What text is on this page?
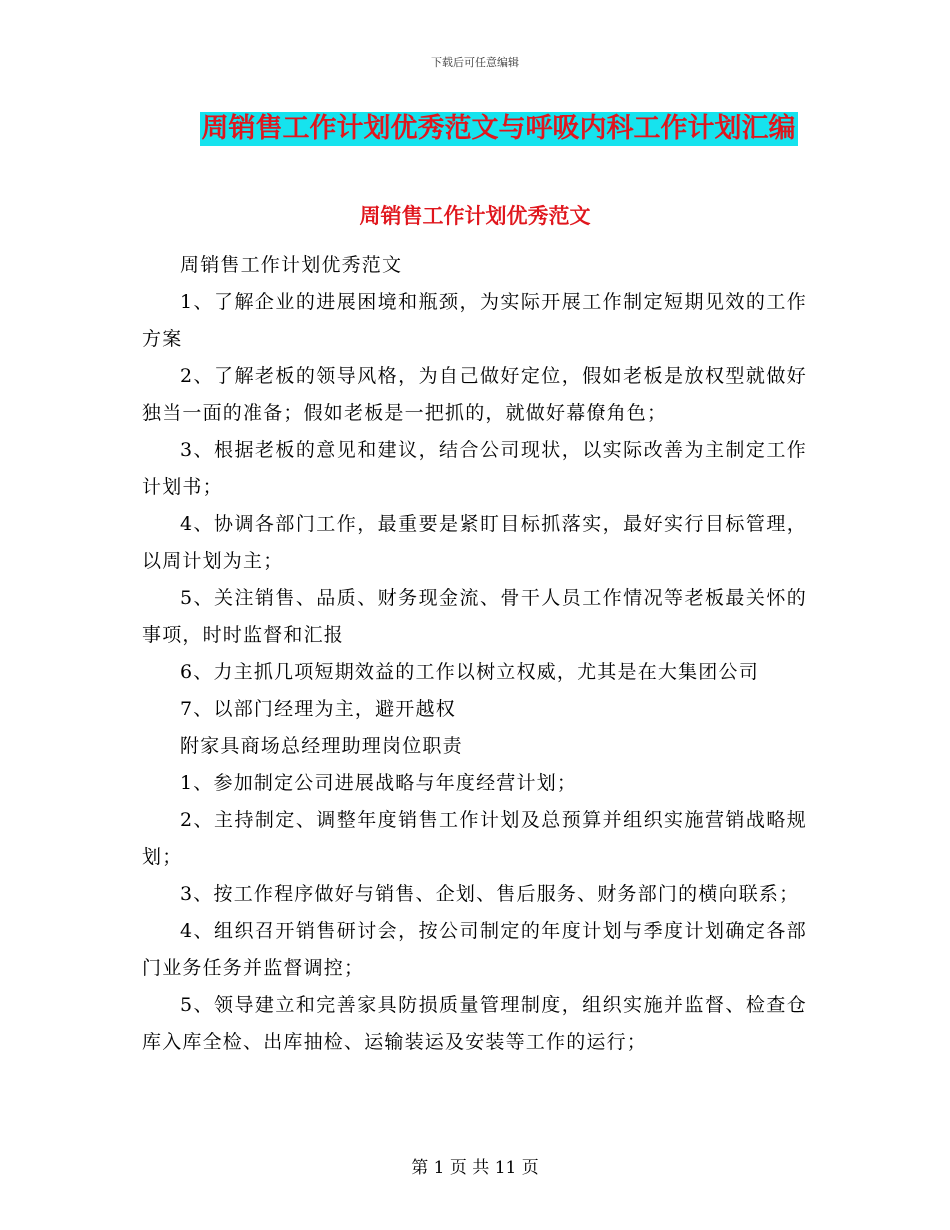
下载后可任意编辑
周销售工作计划优秀范文与呼吸内科工作计划汇编
周销售工作计划优秀范文

周销售工作计划优秀范文

1、了解企业的进展困境和瓶颈，为实际开展工作制定短期见效的工作方案

2、了解老板的领导风格，为自己做好定位，假如老板是放权型就做好独当一面的准备；假如老板是一把抓的，就做好幕僚角色；

3、根据老板的意见和建议，结合公司现状，以实际改善为主制定工作计划书；

4、协调各部门工作，最重要是紧盯目标抓落实，最好实行目标管理，以周计划为主；

5、关注销售、品质、财务现金流、骨干人员工作情况等老板最关怀的事项，时时监督和汇报

6、力主抓几项短期效益的工作以树立权威，尤其是在大集团公司

7、以部门经理为主，避开越权

附家具商场总经理助理岗位职责

1、参加制定公司进展战略与年度经营计划；

2、主持制定、调整年度销售工作计划及总预算并组织实施营销战略规划；

3、按工作程序做好与销售、企划、售后服务、财务部门的横向联系；

4、组织召开销售研讨会，按公司制定的年度计划与季度计划确定各部门业务任务并监督调控；

5、领导建立和完善家具防损质量管理制度，组织实施并监督、检查仓库入库全检、出库抽检、运输装运及安装等工作的运行；

第 1 页 共 11 页
